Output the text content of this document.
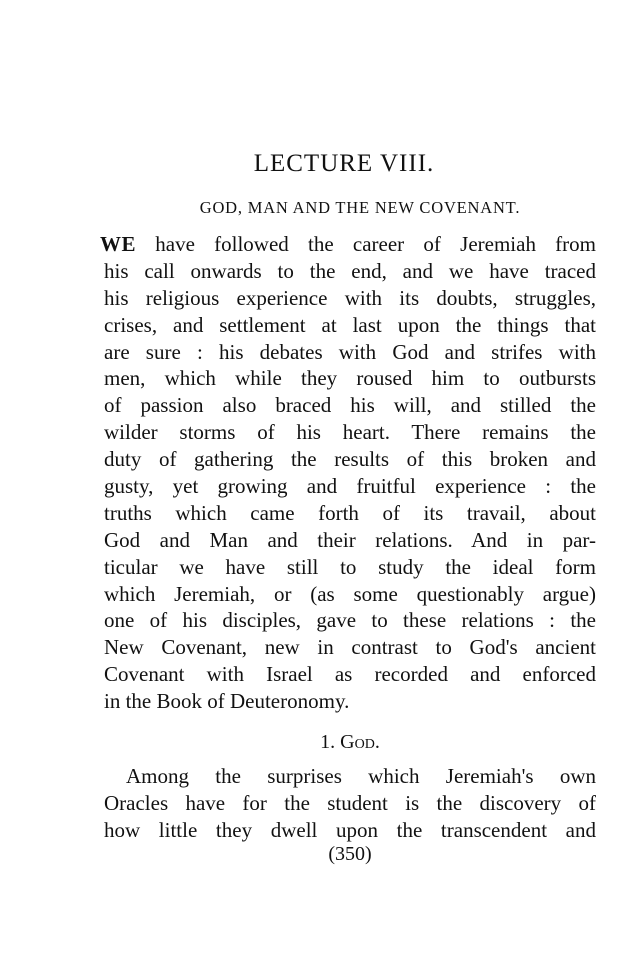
LECTURE VIII.
GOD, MAN AND THE NEW COVENANT.
WE have followed the career of Jeremiah from
his call onwards to the end, and we have traced
his religious experience with its doubts, struggles,
crises, and settlement at last upon the things that
are sure : his debates with God and strifes with
men, which while they roused him to outbursts
of passion also braced his will, and stilled the
wilder storms of his heart. There remains the
duty of gathering the results of this broken and
gusty, yet growing and fruitful experience : the
truths which came forth of its travail, about
God and Man and their relations. And in par-
ticular we have still to study the ideal form
which Jeremiah, or (as some questionably argue)
one of his disciples, gave to these relations : the
New Covenant, new in contrast to God's ancient
Covenant with Israel as recorded and enforced
in the Book of Deuteronomy.
1. God.
Among the surprises which Jeremiah's own
Oracles have for the student is the discovery of
how little they dwell upon the transcendent and
(350)
